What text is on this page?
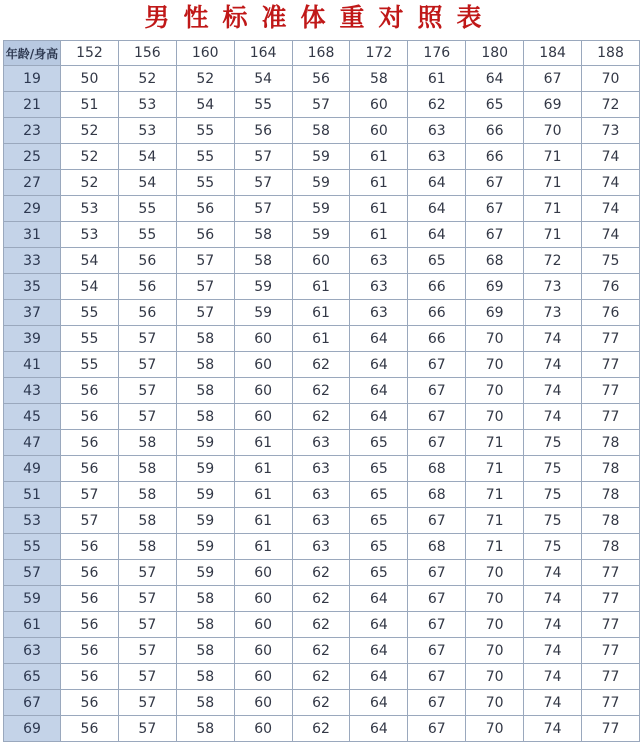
男性标准体重对照表
年龄/身高	152	156	160	164	168	172	176	180	184	188
19	50	52	52	54	56	58	61	64	67	70
21	51	53	54	55	57	60	62	65	69	72
23	52	53	55	56	58	60	63	66	70	73
25	52	54	55	57	59	61	63	66	71	74
27	52	54	55	57	59	61	64	67	71	74
29	53	55	56	57	59	61	64	67	71	74
31	53	55	56	58	59	61	64	67	71	74
33	54	56	57	58	60	63	65	68	72	75
35	54	56	57	59	61	63	66	69	73	76
37	55	56	57	59	61	63	66	69	73	76
39	55	57	58	60	61	64	66	70	74	77
41	55	57	58	60	62	64	67	70	74	77
43	56	57	58	60	62	64	67	70	74	77
45	56	57	58	60	62	64	67	70	74	77
47	56	58	59	61	63	65	67	71	75	78
49	56	58	59	61	63	65	68	71	75	78
51	57	58	59	61	63	65	68	71	75	78
53	57	58	59	61	63	65	67	71	75	78
55	56	58	59	61	63	65	68	71	75	78
57	56	57	59	60	62	65	67	70	74	77
59	56	57	58	60	62	64	67	70	74	77
61	56	57	58	60	62	64	67	70	74	77
63	56	57	58	60	62	64	67	70	74	77
65	56	57	58	60	62	64	67	70	74	77
67	56	57	58	60	62	64	67	70	74	77
69	56	57	58	60	62	64	67	70	74	77
